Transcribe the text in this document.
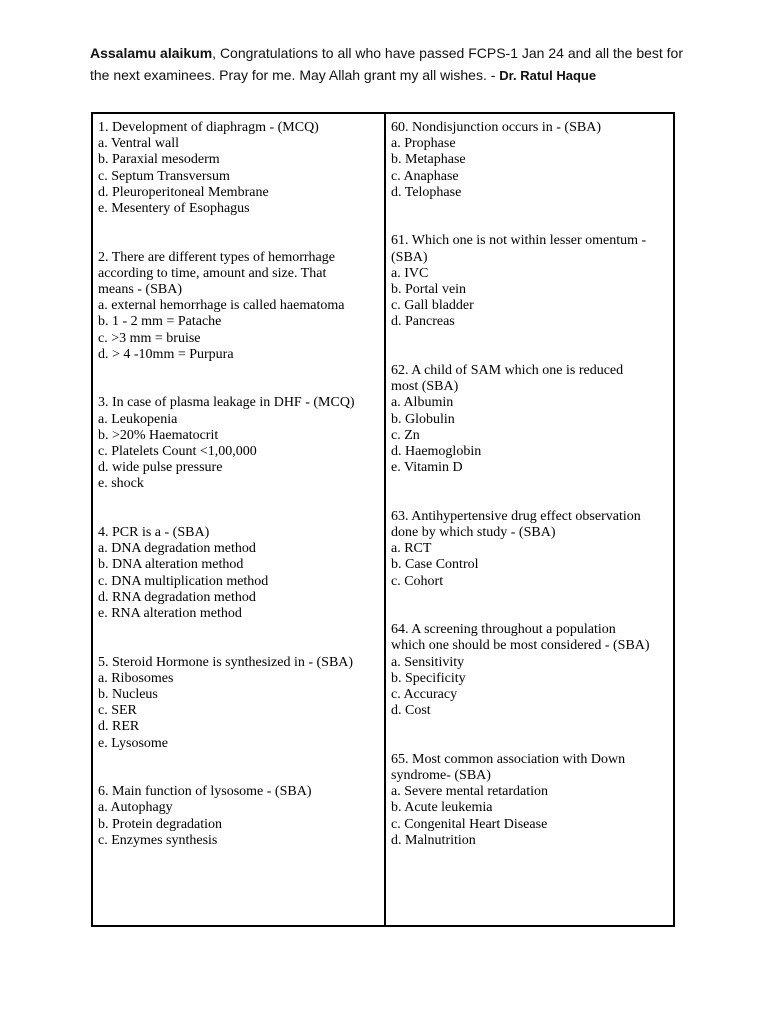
Assalamu alaikum, Congratulations to all who have passed FCPS-1 Jan 24 and all the best for
the next examinees. Pray for me. May Allah grant my all wishes. - Dr. Ratul Haque
1. Development of diaphragm - (MCQ)
a. Ventral wall
b. Paraxial mesoderm
c. Septum Transversum
d. Pleuroperitoneal Membrane
e. Mesentery of Esophagus
2. There are different types of hemorrhage
according to time, amount and size. That
means - (SBA)
a. external hemorrhage is called haematoma
b. 1 - 2 mm = Patache
c. >3 mm = bruise
d. > 4 -10mm = Purpura
3. In case of plasma leakage in DHF - (MCQ)
a. Leukopenia
b. >20% Haematocrit
c. Platelets Count <1,00,000
d. wide pulse pressure
e. shock
4. PCR is a - (SBA)
a. DNA degradation method
b. DNA alteration method
c. DNA multiplication method
d. RNA degradation method
e. RNA alteration method
5. Steroid Hormone is synthesized in - (SBA)
a. Ribosomes
b. Nucleus
c. SER
d. RER
e. Lysosome
6. Main function of lysosome - (SBA)
a. Autophagy
b. Protein degradation
c. Enzymes synthesis
60. Nondisjunction occurs in - (SBA)
a. Prophase
b. Metaphase
c. Anaphase
d. Telophase
61. Which one is not within lesser omentum -
(SBA)
a. IVC
b. Portal vein
c. Gall bladder
d. Pancreas
62. A child of SAM which one is reduced
most (SBA)
a. Albumin
b. Globulin
c. Zn
d. Haemoglobin
e. Vitamin D
63. Antihypertensive drug effect observation
done by which study - (SBA)
a. RCT
b. Case Control
c. Cohort
64. A screening throughout a population
which one should be most considered - (SBA)
a. Sensitivity
b. Specificity
c. Accuracy
d. Cost
65. Most common association with Down
syndrome- (SBA)
a. Severe mental retardation
b. Acute leukemia
c. Congenital Heart Disease
d. Malnutrition
